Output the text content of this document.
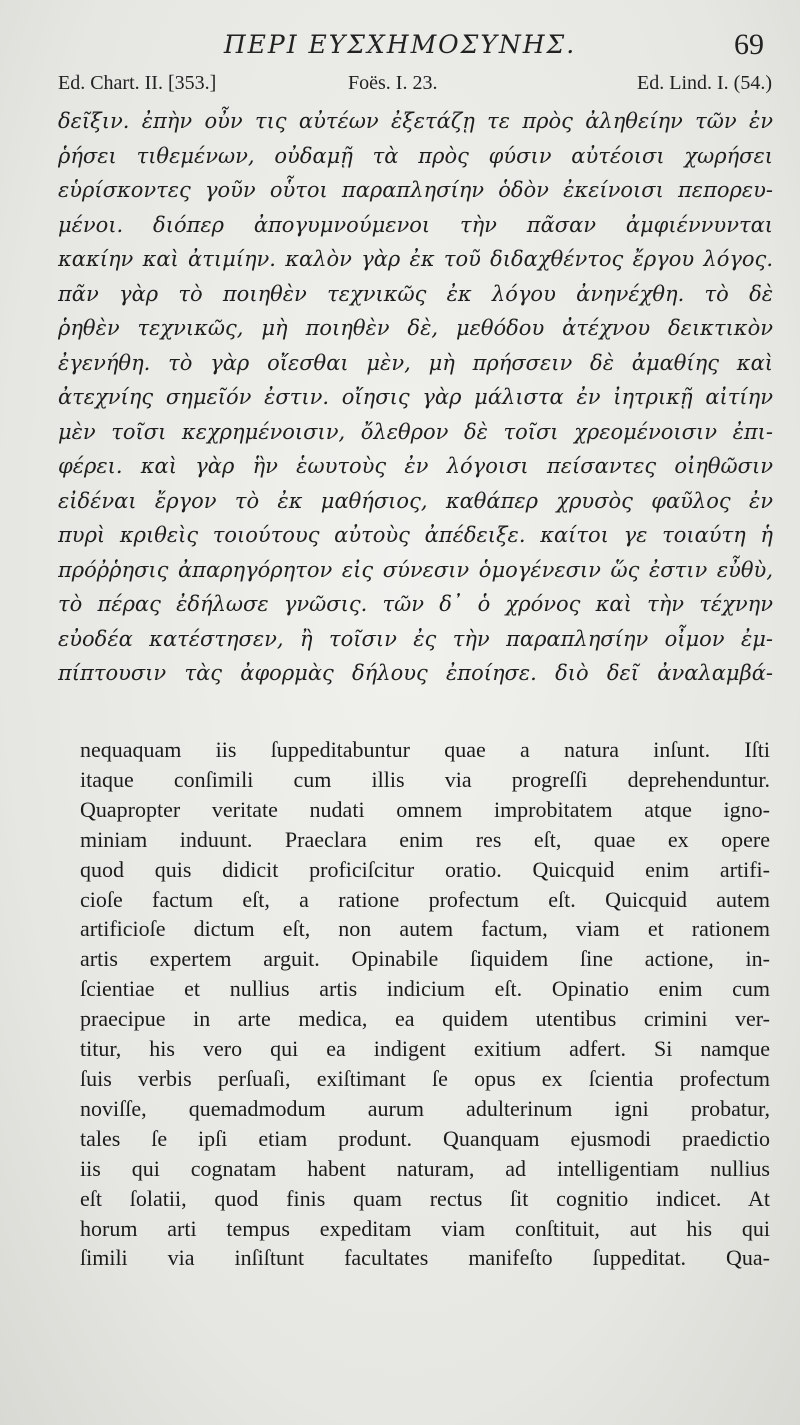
ΠΕΡΙ ΕΥΣΧΗΜΟΣΥΝΗΣ.	69
Ed. Chart. II. [353.]	Foës. I. 23.	Ed. Lind. I. (54.)
δεῖξιν. ἐπὴν οὖν τις αὐτέων ἐξετάζῃ τε πρὸς ἀληθείην τῶν ἐν
ῥήσει τιθεμένων, οὐδαμῇ τὰ πρὸς φύσιν αὐτέοισι χωρήσει
εὑρίσκοντες γοῦν οὗτοι παραπλησίην ὁδὸν ἐκείνοισι πεπορευ-
μένοι. διόπερ ἀπογυμνούμενοι τὴν πᾶσαν ἀμφιέννυνται
κακίην καὶ ἀτιμίην. καλὸν γὰρ ἐκ τοῦ διδαχθέντος ἔργου λόγος.
πᾶν γὰρ τὸ ποιηθὲν τεχνικῶς ἐκ λόγου ἀνηνέχθη. τὸ δὲ
ῥηθὲν τεχνικῶς, μὴ ποιηθὲν δὲ, μεθόδου ἀτέχνου δεικτικὸν
ἐγενήθη. τὸ γὰρ οἴεσθαι μὲν, μὴ πρήσσειν δὲ ἀμαθίης καὶ
ἀτεχνίης σημεῖόν ἐστιν. οἴησις γὰρ μάλιστα ἐν ἰητρικῇ αἰτίην
μὲν τοῖσι κεχρημένοισιν, ὄλεθρον δὲ τοῖσι χρεομένοισιν ἐπι-
φέρει. καὶ γὰρ ἣν ἑωυτοὺς ἐν λόγοισι πείσαντες οἰηθῶσιν
εἰδέναι ἔργον τὸ ἐκ μαθήσιος, καθάπερ χρυσὸς φαῦλος ἐν
πυρὶ κριθεὶς τοιούτους αὐτοὺς ἀπέδειξε. καίτοι γε τοιαύτη ἡ
πρόῤῥησις ἀπαρηγόρητον εἰς σύνεσιν ὁμογένεσιν ὥς ἐστιν εὖθὺ,
τὸ πέρας ἐδήλωσε γνῶσις. τῶν δ᾽ ὁ χρόνος καὶ τὴν τέχνην
εὐοδέα κατέστησεν, ἢ τοῖσιν ἐς τὴν παραπλησίην οἶμον ἐμ-
πίπτουσιν τὰς ἀφορμὰς δήλους ἐποίησε. διὸ δεῖ ἀναλαμβά-
nequaquam iis ſuppeditabuntur quae a natura inſunt. Iſti
itaque conſimili cum illis via progreſſi deprehenduntur.
Quapropter veritate nudati omnem improbitatem atque igno-
miniam induunt. Praeclara enim res eſt, quae ex opere
quod quis didicit proficiſcitur oratio. Quicquid enim artifi-
cioſe factum eſt, a ratione profectum eſt. Quicquid autem
artificioſe dictum eſt, non autem factum, viam et rationem
artis expertem arguit. Opinabile ſiquidem ſine actione, in-
ſcientiae et nullius artis indicium eſt. Opinatio enim cum
praecipue in arte medica, ea quidem utentibus crimini ver-
titur, his vero qui ea indigent exitium adfert. Si namque
ſuis verbis perſuaſi, exiſtimant ſe opus ex ſcientia profectum
noviſſe, quemadmodum aurum adulterinum igni probatur,
tales ſe ipſi etiam produnt. Quanquam ejusmodi praedictio
iis qui cognatam habent naturam, ad intelligentiam nullius
eſt ſolatii, quod finis quam rectus ſit cognitio indicet. At
horum arti tempus expeditam viam conſtituit, aut his qui
ſimili via inſiſtunt facultates manifeſto ſuppeditat. Qua-
